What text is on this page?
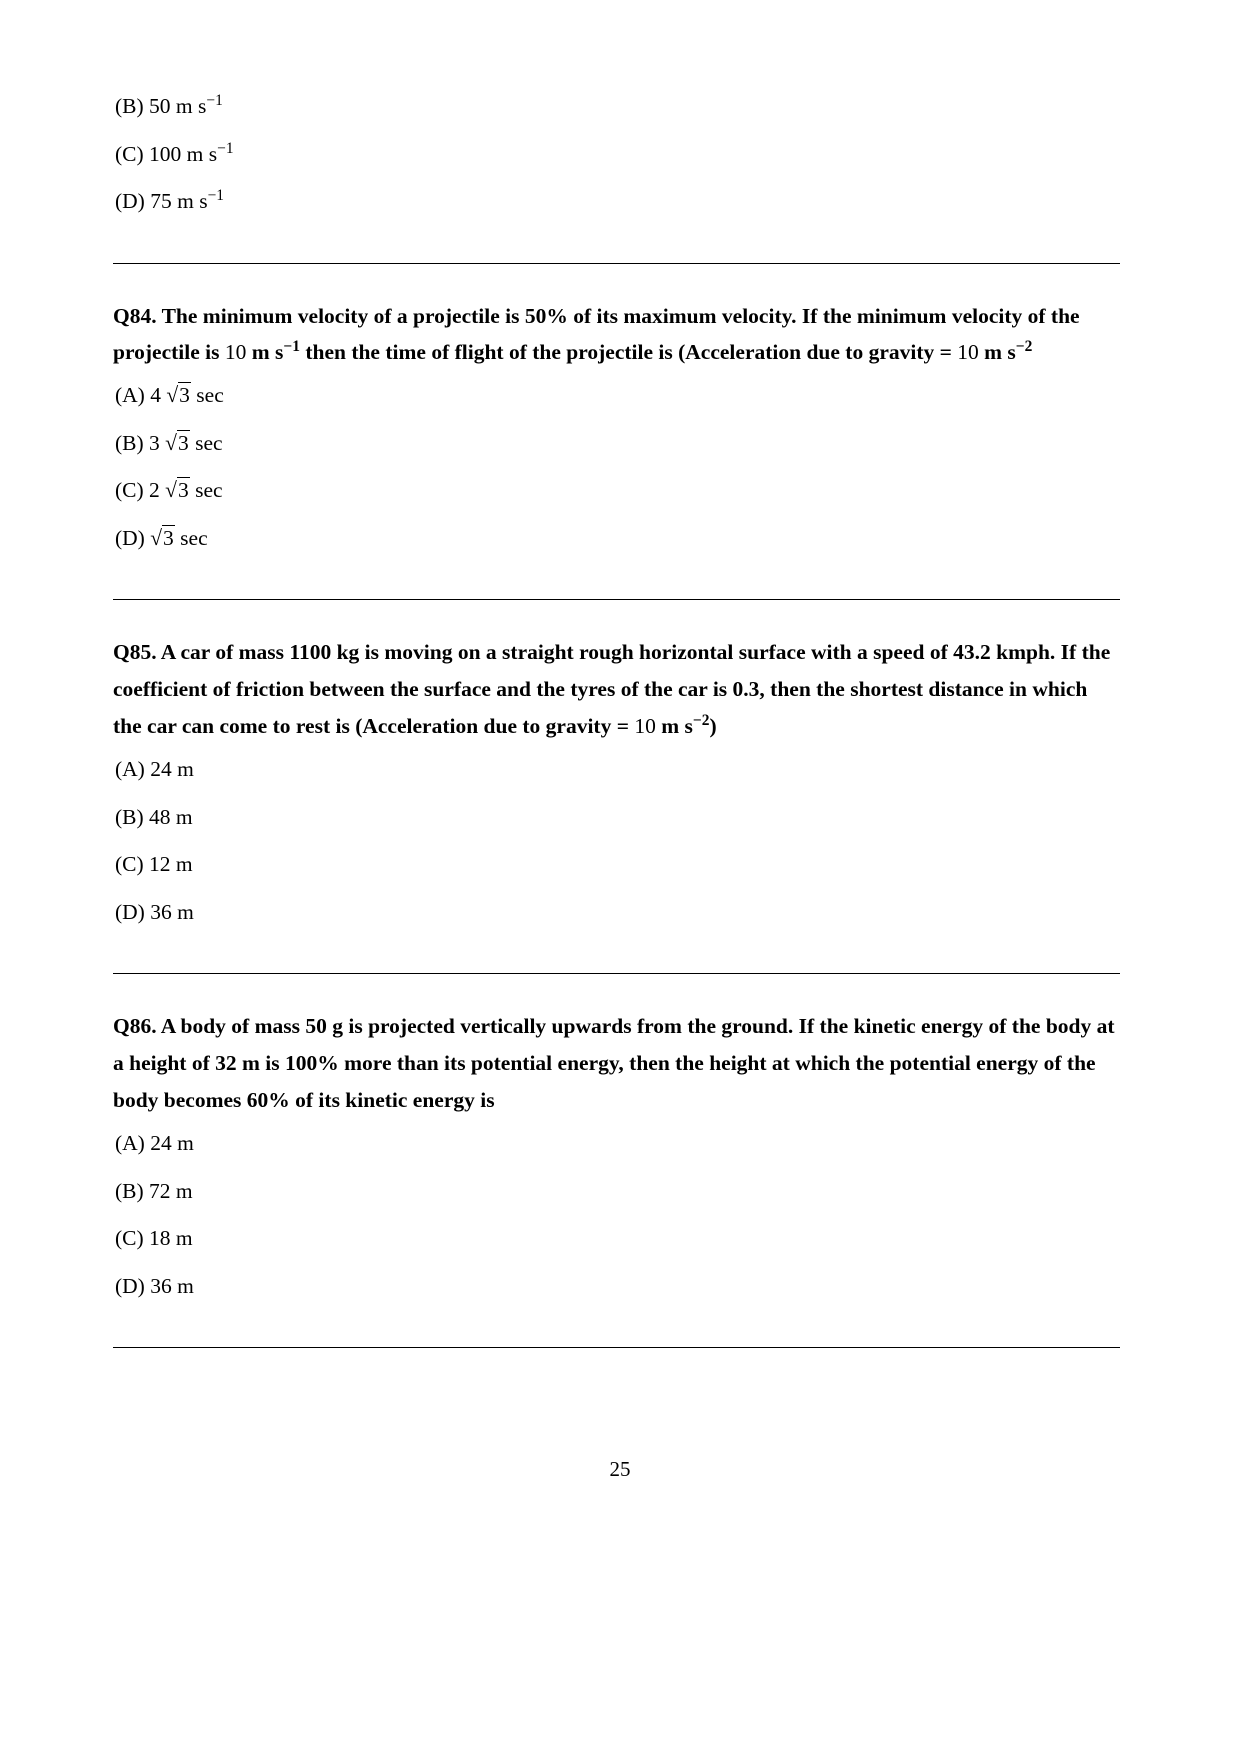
(B) 50 m $s^{-1}$

(C) 100 m $s^{-1}$

(D) 75 m $s^{-1}$

Q84. The minimum velocity of a projectile is 50% of its maximum velocity. If the minimum velocity of the projectile is 10 m $s^{-1}$ then the time of flight of the projectile is (Acceleration due to gravity = 10 m $s^{-2}$

(A) 4 √3 sec

(B) 3 √3 sec

(C) 2 √3 sec

(D) √3 sec

Q85. A car of mass 1100 kg is moving on a straight rough horizontal surface with a speed of 43.2 kmph. If the coefficient of friction between the surface and the tyres of the car is 0.3, then the shortest distance in which the car can come to rest is (Acceleration due to gravity = 10 m $s^{-2}$)

(A) 24 m

(B) 48 m

(C) 12 m

(D) 36 m

Q86. A body of mass 50 g is projected vertically upwards from the ground. If the kinetic energy of the body at a height of 32 m is 100% more than its potential energy, then the height at which the potential energy of the body becomes 60% of its kinetic energy is

(A) 24 m

(B) 72 m

(C) 18 m

(D) 36 m

25
